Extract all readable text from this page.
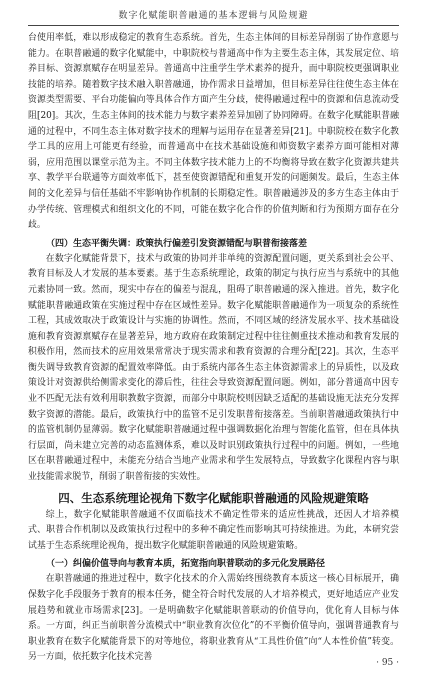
数字化赋能职普融通的基本逻辑与风险规避

台使用率低，难以形成稳定的教育生态系统。首先，生态主体间的目标差异削弱了协作意愿与能力。在职普融通的数字化赋能中，中职院校与普通高中作为主要生态主体，其发展定位、培养目标、资源禀赋存在明显差异。普通高中注重学生学术素养的提升，而中职院校更强调职业技能的培养。随着数字技术融入职普融通，协作需求日益增加，但目标差异往往使生态主体在资源类型需要、平台功能偏向等具体合作方面产生分歧，使得融通过程中的资源和信息流动受阻[20]。其次，生态主体间的技术能力与数字素养差异加剧了协同障碍。在数字化赋能职普融通的过程中，不同生态主体对数字技术的理解与运用存在显著差异[21]。中职院校在数字化教学工具的应用上可能更有经验，而普通高中在技术基础设施和师资数字素养方面可能相对薄弱，应用范围以课堂示范为主。不同主体数字技术能力上的不均衡将导致在数字化资源共建共享、教学平台联通等方面效率低下，甚至使资源错配和重复开发的问题频发。最后，生态主体间的文化差异与信任基础不牢影响协作机制的长期稳定性。职普融通涉及的多方生态主体由于办学传统、管理模式和组织文化的不同，可能在数字化合作的价值判断和行为预期方面存在分歧。

（四）生态平衡失调：政策执行偏差引发资源错配与职普衔接落差

在数字化赋能背景下，技术与政策的协同并非单纯的资源配置问题，更关系到社会公平、教育目标及人才发展的基本要素。基于生态系统理论，政策的制定与执行应当与系统中的其他元素协同一致。然而，现实中存在的偏差与混乱，阻碍了职普融通的深入推进。首先，数字化赋能职普融通政策在实施过程中存在区域性差异。数字化赋能职普融通作为一项复杂的系统性工程，其成效取决于政策设计与实施的协调性。然而，不同区域的经济发展水平、技术基础设施和教育资源禀赋存在显著差异，地方政府在政策制定过程中往往侧重技术推动和教育发展的积极作用，然而技术的应用效果常常决于现实需求和教育资源的合理分配[22]。其次，生态平衡失调导致教育资源的配置效率降低。由于系统内部各生态主体资源需求上的异质性，以及政策设计对资源供给侧需求变化的滞后性，往往会导致资源配置问题。例如，部分普通高中因专业不匹配无法有效利用职教数字资源，而部分中职院校则因缺乏适配的基础设施无法充分发挥数字资源的潜能。最后，政策执行中的监管不足引发职普衔接落差。当前职普融通政策执行中的监管机制仍显薄弱。数字化赋能职普融通过程中强调数据化治理与智能化监管，但在具体执行层面，尚未建立完善的动态监测体系，难以及时识别政策执行过程中的问题。例如，一些地区在职普融通过程中，未能充分结合当地产业需求和学生发展特点，导致数字化课程内容与职业技能需求脱节，削弱了职普衔接的实效性。

四、生态系统理论视角下数字化赋能职普融通的风险规避策略

综上，数字化赋能职普融通不仅面临技术不确定性带来的适应性挑战，还因人才培养模式、职普合作机制以及政策执行过程中的多种不确定性而影响其可持续推进。为此，本研究尝试基于生态系统理论视角，提出数字化赋能职普融通的风险规避策略。

（一）纠偏价值导向与教育本质，拓宽指向职普联动的多元化发展路径

在职普融通的推进过程中，数字化技术的介入需始终围绕教育本质这一核心目标展开，确保数字化手段服务于教育的根本任务，健全符合时代发展的人才培养模式，更好地适应产业发展趋势和就业市场需求[23]。一是明确数字化赋能职普联动的价值导向，优化育人目标与体系。一方面，纠正当前职普分流模式中“职业教育次位化”的不平衡价值导向，强调普通教育与职业教育在数字化赋能背景下的对等地位，将职业教育从“工具性价值”向“人本性价值”转变。另一方面，依托数字化技术完善

· 95 ·
